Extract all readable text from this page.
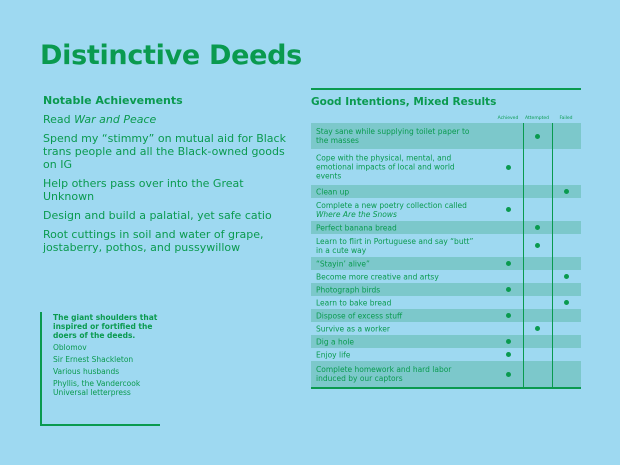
Distinctive Deeds
Notable Achievements
Read War and Peace
Spend my “stimmy” on mutual aid for Black trans people and all the Black-owned goods on IG
Help others pass over into the Great Unknown
Design and build a palatial, yet safe catio
Root cuttings in soil and water of grape, jostaberry, pothos, and pussywillow
The giant shoulders that inspired or fortified the doers of the deeds.
Oblomov
Sir Ernest Shackleton
Various husbands
Phyllis, the Vandercook Universal letterpress
Good Intentions, Mixed Results
Achieved	Attempted	Failed
Stay sane while supplying toilet paper to the masses
Cope with the physical, mental, and emotional impacts of local and world events
Clean up
Complete a new poetry collection called Where Are the Snows
Perfect banana bread
Learn to flirt in Portuguese and say “butt” in a cute way
“Stayin’ alive”
Become more creative and artsy
Photograph birds
Learn to bake bread
Dispose of excess stuff
Survive as a worker
Dig a hole
Enjoy life
Complete homework and hard labor induced by our captors
